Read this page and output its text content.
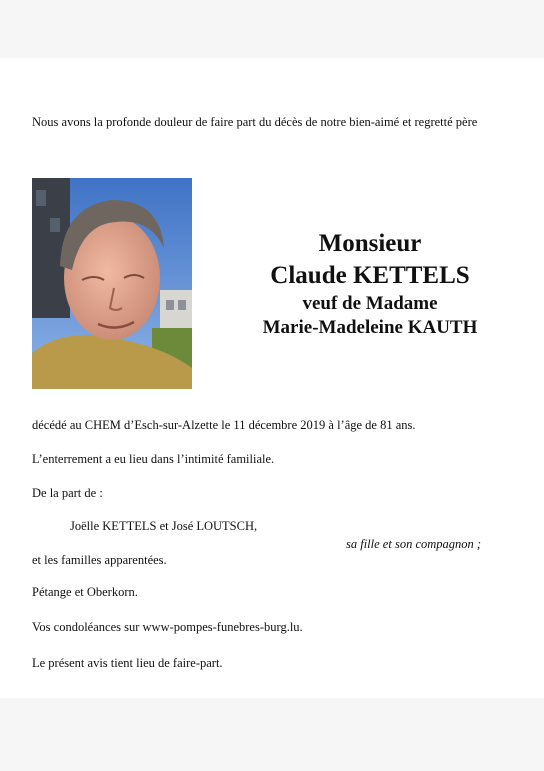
Nous avons la profonde douleur de faire part du décès de notre bien-aimé et regretté père

Monsieur
Claude KETTELS
veuf de Madame
Marie-Madeleine KAUTH

décédé au CHEM d’Esch-sur-Alzette le 11 décembre 2019 à l’âge de 81 ans.

L’enterrement a eu lieu dans l’intimité familiale.

De la part de :

Joëlle KETTELS et José LOUTSCH,

sa fille et son compagnon ;

et les familles apparentées.

Pétange et Oberkorn.

Vos condoléances sur www-pompes-funebres-burg.lu.

Le présent avis tient lieu de faire-part.
